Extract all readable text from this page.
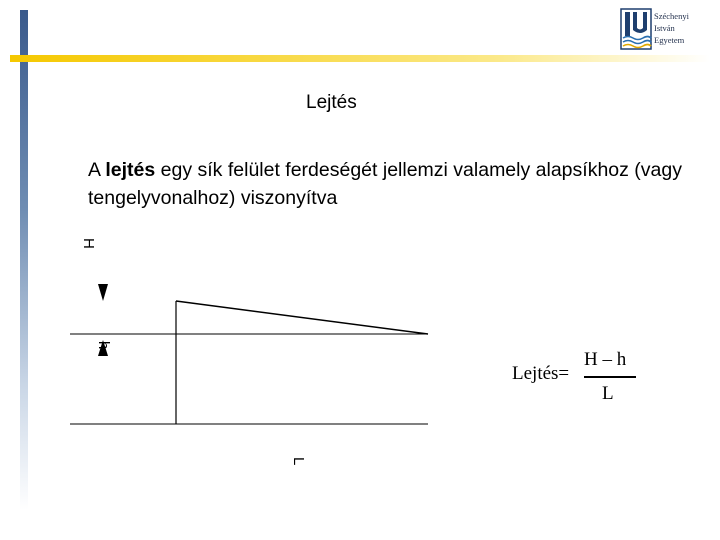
Széchenyi
István
Egyetem
Lejtés
A lejtés egy sík felület ferdeségét jellemzi valamely alapsíkhoz (vagy tengelyvonalhoz) viszonyítva
H
h
L
Lejtés=
H – h
L
